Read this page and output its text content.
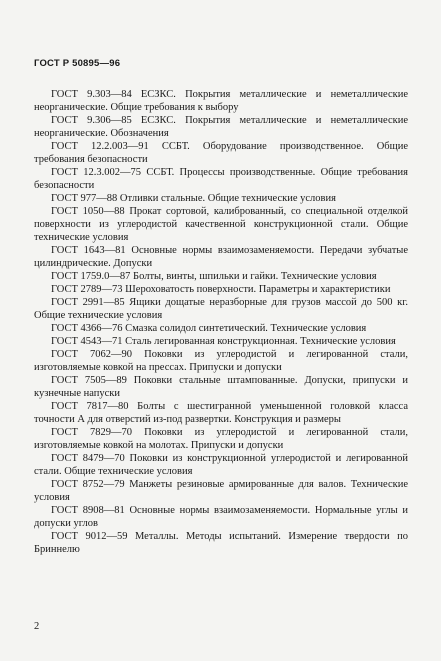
ГОСТ Р 50895—96

ГОСТ 9.303—84 ЕСЗКС. Покрытия металлические и неметаллические неорганические. Общие требования к выбору

ГОСТ 9.306—85 ЕСЗКС. Покрытия металлические и неметаллические неорганические. Обозначения

ГОСТ 12.2.003—91 ССБТ. Оборудование производственное. Общие требования безопасности

ГОСТ 12.3.002—75 ССБТ. Процессы производственные. Общие требования безопасности

ГОСТ 977—88 Отливки стальные. Общие технические условия

ГОСТ 1050—88 Прокат сортовой, калиброванный, со специальной отделкой поверхности из углеродистой качественной конструкционной стали. Общие технические условия

ГОСТ 1643—81 Основные нормы взаимозаменяемости. Передачи зубчатые цилиндрические. Допуски

ГОСТ 1759.0—87 Болты, винты, шпильки и гайки. Технические условия

ГОСТ 2789—73 Шероховатость поверхности. Параметры и характеристики

ГОСТ 2991—85 Ящики дощатые неразборные для грузов массой до 500 кг. Общие технические условия

ГОСТ 4366—76 Смазка солидол синтетический. Технические условия

ГОСТ 4543—71 Сталь легированная конструкционная. Технические условия

ГОСТ 7062—90 Поковки из углеродистой и легированной стали, изготовляемые ковкой на прессах. Припуски и допуски

ГОСТ 7505—89 Поковки стальные штампованные. Допуски, припуски и кузнечные напуски

ГОСТ 7817—80 Болты с шестигранной уменьшенной головкой класса точности А для отверстий из-под развертки. Конструкция и размеры

ГОСТ 7829—70 Поковки из углеродистой и легированной стали, изготовляемые ковкой на молотах. Припуски и допуски

ГОСТ 8479—70 Поковки из конструкционной углеродистой и легированной стали. Общие технические условия

ГОСТ 8752—79 Манжеты резиновые армированные для валов. Технические условия

ГОСТ 8908—81 Основные нормы взаимозаменяемости. Нормальные углы и допуски углов

ГОСТ 9012—59 Металлы. Методы испытаний. Измерение твердости по Бриннелю

2
